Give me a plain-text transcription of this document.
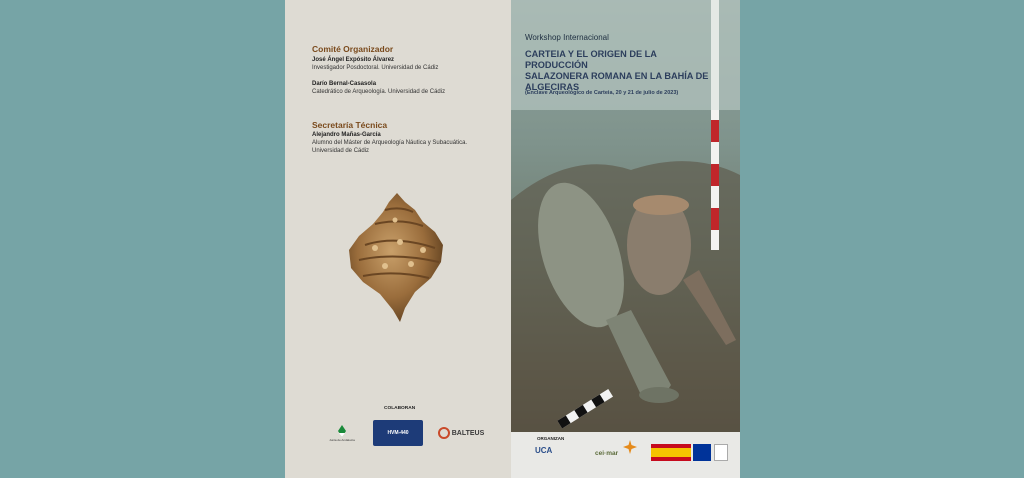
Comité Organizador
José Ángel Expósito Álvarez
Investigador Posdoctoral. Universidad de Cádiz
Darío Bernal-Casasola
Catedrático de Arqueología. Universidad de Cádiz
Secretaría Técnica
Alejandro Mañas-García
Alumno del Máster de Arqueología Náutica y Subacuática. Universidad de Cádiz
COLABORAN
Junta de Andalucía
HVM-440	BALTEUS
Workshop Internacional
CARTEIA Y EL ORIGEN DE LA PRODUCCIÓN
SALAZONERA ROMANA EN LA BAHÍA DE
ALGECIRAS
(Enclave Arqueológico de Carteia, 20 y 21 de julio de 2023)
ORGANIZAN
UCA	cei·mar
